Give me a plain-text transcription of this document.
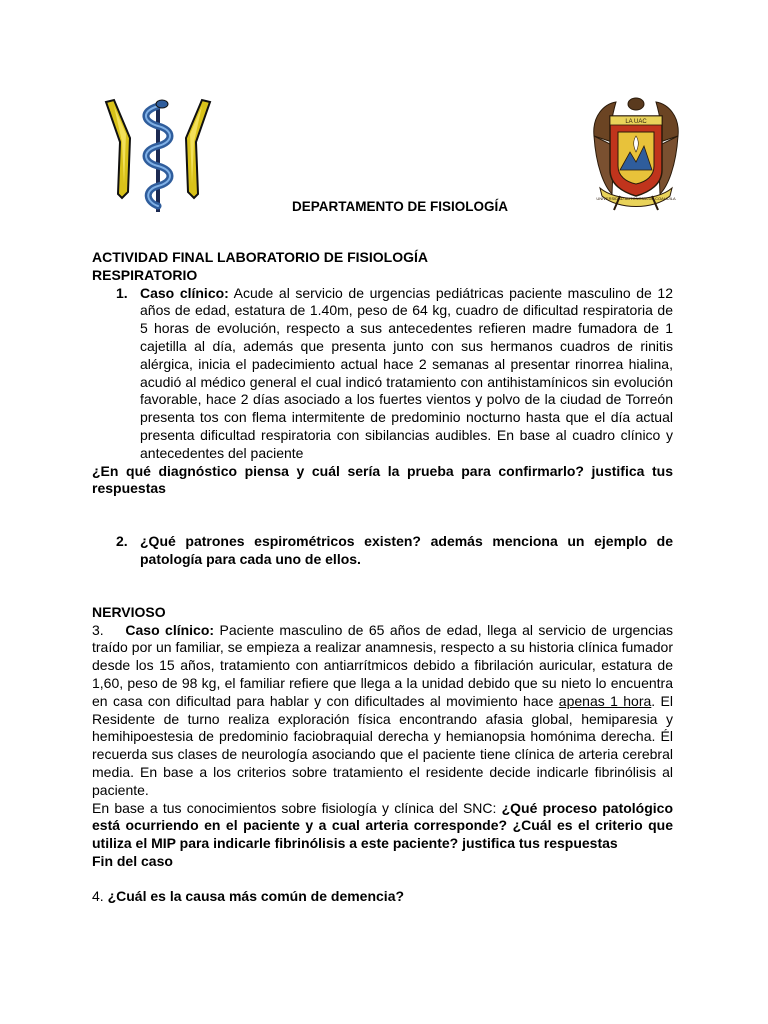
LA UAC
UNIVERSIDAD AUTONOMA DE COAHUILA
DEPARTAMENTO DE FISIOLOGÍA
ACTIVIDAD FINAL LABORATORIO DE FISIOLOGÍA
RESPIRATORIO
1. Caso clínico: Acude al servicio de urgencias pediátricas paciente masculino de 12 años de edad, estatura de 1.40m, peso de 64 kg, cuadro de dificultad respiratoria de 5 horas de evolución, respecto a sus antecedentes refieren madre fumadora de 1 cajetilla al día, además que presenta junto con sus hermanos cuadros de rinitis alérgica, inicia el padecimiento actual hace 2 semanas al presentar rinorrea hialina, acudió al médico general el cual indicó tratamiento con antihistamínicos sin evolución favorable, hace 2 días asociado a los fuertes vientos y polvo de la ciudad de Torreón presenta tos con flema intermitente de predominio nocturno hasta que el día actual presenta dificultad respiratoria con sibilancias audibles. En base al cuadro clínico y antecedentes del paciente
¿En qué diagnóstico piensa y cuál sería la prueba para confirmarlo? justifica tus respuestas
2. ¿Qué patrones espirométricos existen? además menciona un ejemplo de patología para cada uno de ellos.
NERVIOSO
3. Caso clínico: Paciente masculino de 65 años de edad, llega al servicio de urgencias traído por un familiar, se empieza a realizar anamnesis, respecto a su historia clínica fumador desde los 15 años, tratamiento con antiarrítmicos debido a fibrilación auricular, estatura de 1,60, peso de 98 kg, el familiar refiere que llega a la unidad debido que su nieto lo encuentra en casa con dificultad para hablar y con dificultades al movimiento hace apenas 1 hora. El Residente de turno realiza exploración física encontrando afasia global, hemiparesia y hemihipoestesia de predominio faciobraquial derecha y hemianopsia homónima derecha. Él recuerda sus clases de neurología asociando que el paciente tiene clínica de arteria cerebral media. En base a los criterios sobre tratamiento el residente decide indicarle fibrinólisis al paciente.
En base a tus conocimientos sobre fisiología y clínica del SNC: ¿Qué proceso patológico está ocurriendo en el paciente y a cual arteria corresponde? ¿Cuál es el criterio que utiliza el MIP para indicarle fibrinólisis a este paciente? justifica tus respuestas
Fin del caso
4. ¿Cuál es la causa más común de demencia?
